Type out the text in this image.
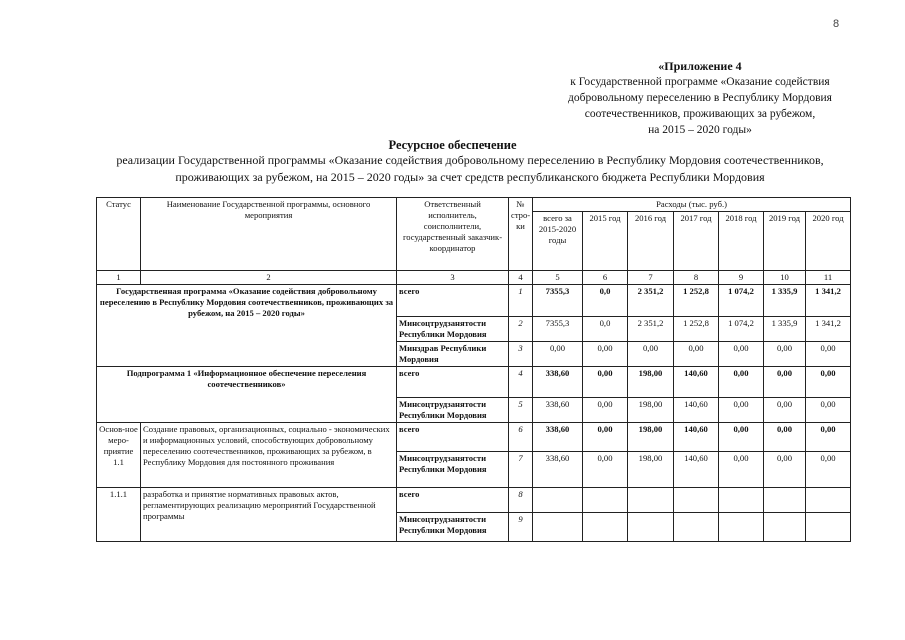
8
«Приложение 4
к Государственной программе «Оказание содействия
добровольному переселению в Республику Мордовия
соотечественников, проживающих за рубежом,
на 2015 – 2020 годы»
Ресурсное обеспечение
реализации Государственной программы «Оказание содействия добровольному переселению в Республику Мордовия соотечественников, проживающих за рубежом, на 2015 – 2020 годы» за счет средств республиканского бюджета Республики Мордовия
Статус	Наименование Государственной программы, основного мероприятия	Ответственный исполнитель, соисполнители, государственный заказчик-координатор	№ стро-ки	Расходы (тыс. руб.)						
				всего за 2015-2020 годы	2015 год	2016 год	2017 год	2018 год	2019 год	2020 год
1	2	3	4	5	6	7	8	9	10	11
Государственная программа «Оказание содействия добровольному переселению в Республику Мордовия соотечественников, проживающих за рубежом, на 2015 – 2020 годы»		всего	1	7355,3	0,0	2 351,2	1 252,8	1 074,2	1 335,9	1 341,2
		Минсоцтрудзанятости Республики Мордовия	2	7355,3	0,0	2 351,2	1 252,8	1 074,2	1 335,9	1 341,2
		Минздрав Республики Мордовия	3	0,00	0,00	0,00	0,00	0,00	0,00	0,00
Подпрограмма 1 «Информационное обеспечение переселения соотечественников»		всего	4	338,60	0,00	198,00	140,60	0,00	0,00	0,00
		Минсоцтрудзанятости Республики Мордовия	5	338,60	0,00	198,00	140,60	0,00	0,00	0,00
Основ-ное меро-приятие 1.1	Создание правовых, организационных, социально - экономических и информационных условий, способствующих добровольному переселению соотечественников, проживающих за рубежом, в Республику Мордовия для постоянного проживания	всего	6	338,60	0,00	198,00	140,60	0,00	0,00	0,00
		Минсоцтрудзанятости Республики Мордовия	7	338,60	0,00	198,00	140,60	0,00	0,00	0,00
1.1.1	разработка и принятие нормативных правовых актов, регламентирующих реализацию мероприятий Государственной программы	всего	8							
		Минсоцтрудзанятости Республики Мордовия	9							
